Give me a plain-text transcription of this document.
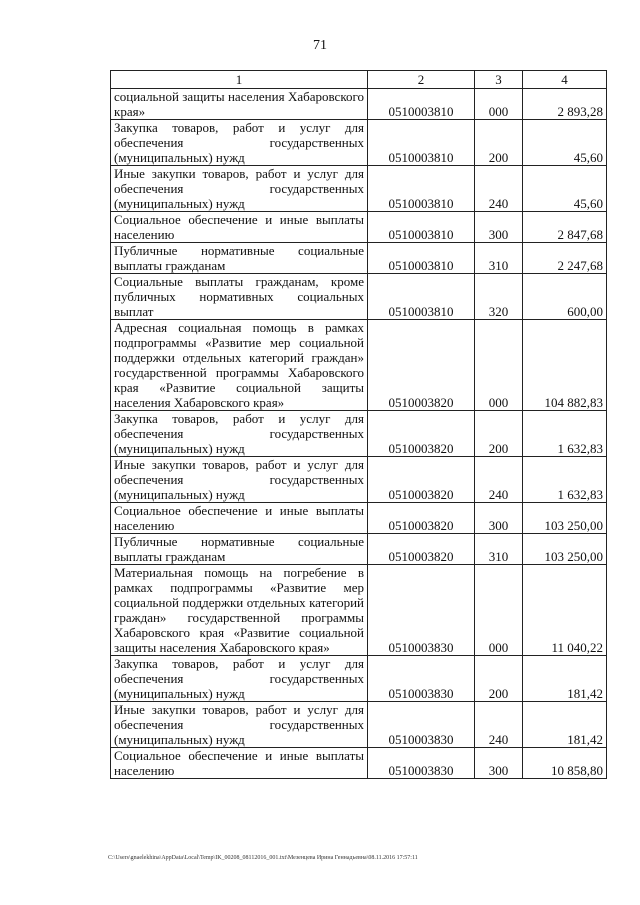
71
1	2	3	4
социальной защиты населения Хабаровского края»	0510003810	000	2 893,28
Закупка товаров, работ и услуг для обеспечения государственных (муниципальных) нужд	0510003810	200	45,60
Иные закупки товаров, работ и услуг для обеспечения государственных (муниципальных) нужд	0510003810	240	45,60
Социальное обеспечение и иные выплаты населению	0510003810	300	2 847,68
Публичные нормативные социальные выплаты гражданам	0510003810	310	2 247,68
Социальные выплаты гражданам, кроме публичных нормативных социальных выплат	0510003810	320	600,00
Адресная социальная помощь в рамках подпрограммы «Развитие мер социальной поддержки отдельных категорий граждан» государственной программы Хабаровского края «Развитие социальной защиты населения Хабаровского края»	0510003820	000	104 882,83
Закупка товаров, работ и услуг для обеспечения государственных (муниципальных) нужд	0510003820	200	1 632,83
Иные закупки товаров, работ и услуг для обеспечения государственных (муниципальных) нужд	0510003820	240	1 632,83
Социальное обеспечение и иные выплаты населению	0510003820	300	103 250,00
Публичные нормативные социальные выплаты гражданам	0510003820	310	103 250,00
Материальная помощь на погребение в рамках подпрограммы «Развитие мер социальной поддержки отдельных категорий граждан» государственной программы Хабаровского края «Развитие социальной защиты населения Хабаровского края»	0510003830	000	11 040,22
Закупка товаров, работ и услуг для обеспечения государственных (муниципальных) нужд	0510003830	200	181,42
Иные закупки товаров, работ и услуг для обеспечения государственных (муниципальных) нужд	0510003830	240	181,42
Социальное обеспечение и иные выплаты населению	0510003830	300	10 858,80
C:\Users\gnaelekhina\AppData\Local\Temp\IK_00208_08112016_001.txt\Мезенцева Ирина Геннадьевна\08.11.2016 17:57:11
